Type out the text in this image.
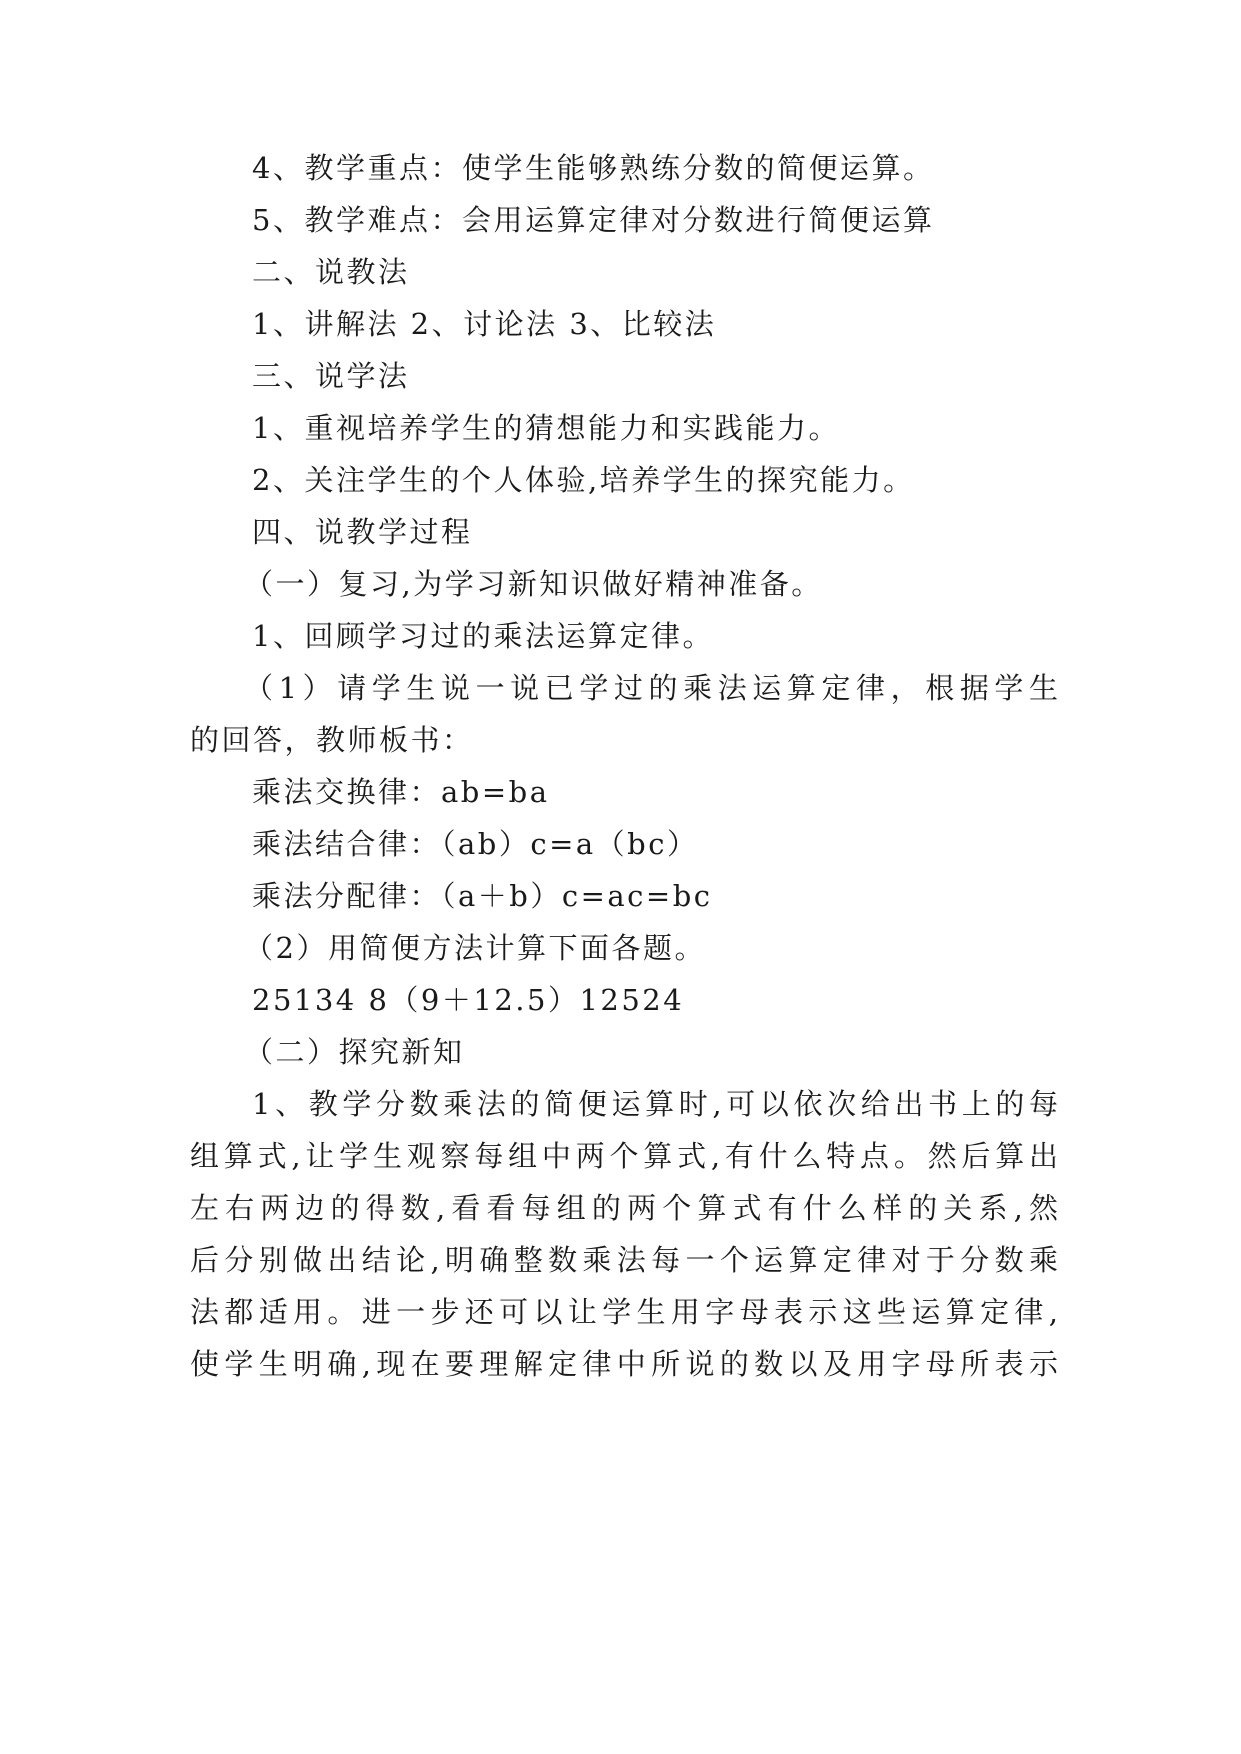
4、教学重点：使学生能够熟练分数的简便运算。
5、教学难点：会用运算定律对分数进行简便运算
二、说教法
1、讲解法 2、讨论法 3、比较法
三、说学法
1、重视培养学生的猜想能力和实践能力。
2、关注学生的个人体验,培养学生的探究能力。
四、说教学过程
（一）复习,为学习新知识做好精神准备。
1、回顾学习过的乘法运算定律。
（1）请学生说一说已学过的乘法运算定律，根据学生
的回答，教师板书：
乘法交换律：ab=ba
乘法结合律：（ab）c=a（bc）
乘法分配律：（a＋b）c=ac=bc
（2）用简便方法计算下面各题。
25134 8（9＋12.5）12524
（二）探究新知
1、教学分数乘法的简便运算时,可以依次给出书上的每
组算式,让学生观察每组中两个算式,有什么特点。然后算出
左右两边的得数,看看每组的两个算式有什么样的关系,然
后分别做出结论,明确整数乘法每一个运算定律对于分数乘
法都适用。进一步还可以让学生用字母表示这些运算定律,
使学生明确,现在要理解定律中所说的数以及用字母所表示
